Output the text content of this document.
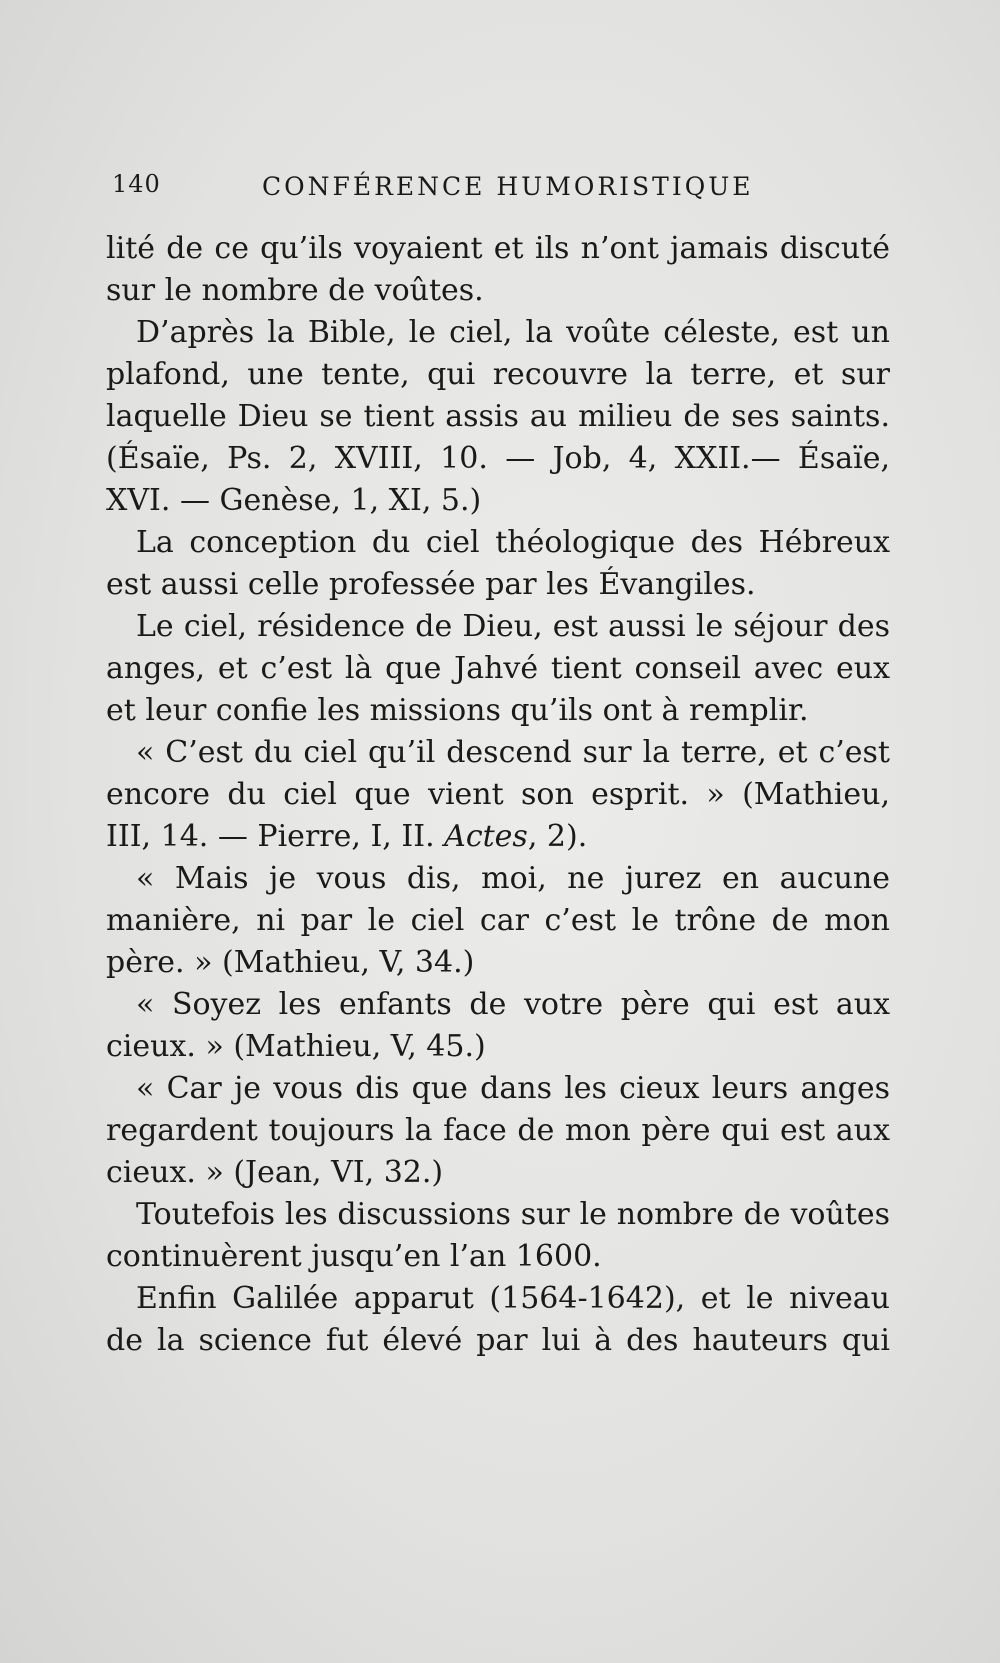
140	CONFÉRENCE HUMORISTIQUE
lité de ce qu’ils voyaient et ils n’ont jamais discuté
sur le nombre de voûtes.
D’après la Bible, le ciel, la voûte céleste, est un
plafond, une tente, qui recouvre la terre, et sur
laquelle Dieu se tient assis au milieu de ses saints.
(Ésaïe, Ps. 2, XVIII, 10. — Job, 4, XXII.— Ésaïe,
XVI. — Genèse, 1, XI, 5.)
La conception du ciel théologique des Hébreux
est aussi celle professée par les Évangiles.
Le ciel, résidence de Dieu, est aussi le séjour des
anges, et c’est là que Jahvé tient conseil avec eux
et leur confie les missions qu’ils ont à remplir.
« C’est du ciel qu’il descend sur la terre, et c’est
encore du ciel que vient son esprit. » (Mathieu,
III, 14. — Pierre, I, II. Actes, 2).
« Mais je vous dis, moi, ne jurez en aucune
manière, ni par le ciel car c’est le trône de mon
père. » (Mathieu, V, 34.)
« Soyez les enfants de votre père qui est aux
cieux. » (Mathieu, V, 45.)
« Car je vous dis que dans les cieux leurs anges
regardent toujours la face de mon père qui est aux
cieux. » (Jean, VI, 32.)
Toutefois les discussions sur le nombre de voûtes
continuèrent jusqu’en l’an 1600.
Enfin Galilée apparut (1564-1642), et le niveau
de la science fut élevé par lui à des hauteurs qui
